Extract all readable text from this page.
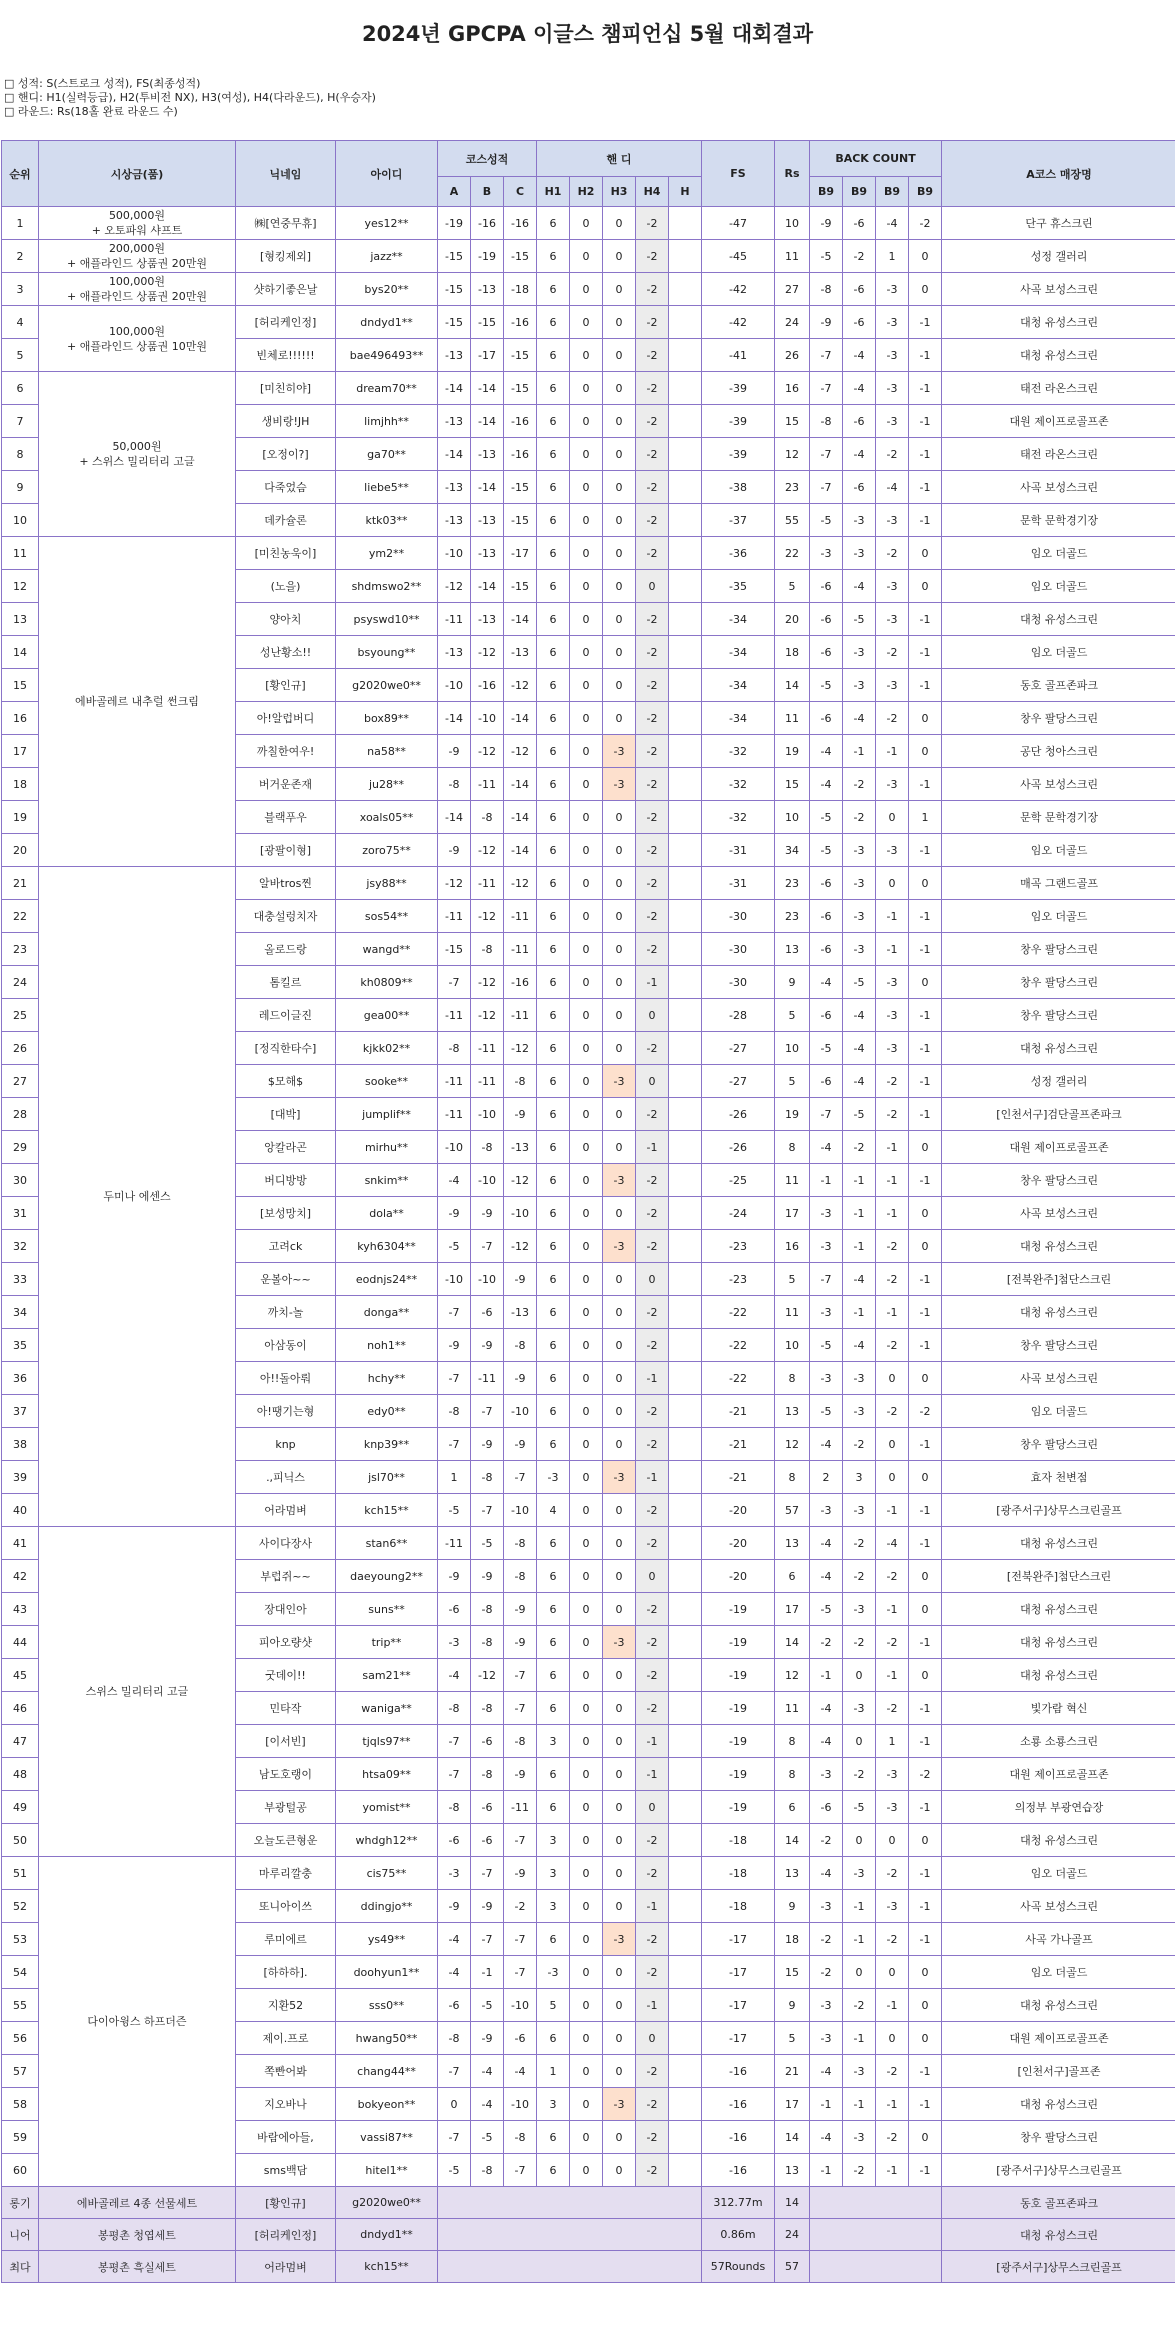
2024년 GPCPA 이글스 챔피언십 5월 대회결과
□ 성적: S(스트로크 성적), FS(최종성적)
□ 핸디: H1(실력등급), H2(투비전 NX), H3(여성), H4(다라운드), H(우승자)
□ 라운드: Rs(18홀 완료 라운드 수)
순위	시상금(품)	닉네임	아이디	코스성적			핸 디					FS	Rs	BACK COUNT				A코스 매장명
				A	B	C	H1	H2	H3	H4	H			B9	B9	B9	B9	
1	500,000원
+ 오토파워 샤프트	㈱[연중무휴]	yes12**	-19	-16	-16	6	0	0	-2		-47	10	-9	-6	-4	-2	단구 휴스크린
2	200,000원
+ 애플라인드 상품권 20만원	[형킹제외]	jazz**	-15	-19	-15	6	0	0	-2		-45	11	-5	-2	1	0	성정 갤러리
3	100,000원
+ 애플라인드 상품권 20만원	샷하기좋은날	bys20**	-15	-13	-18	6	0	0	-2		-42	27	-8	-6	-3	0	사곡 보성스크린
4	100,000원
+ 애플라인드 상품권 10만원	[허리케인정]	dndyd1**	-15	-15	-16	6	0	0	-2		-42	24	-9	-6	-3	-1	대청 유성스크린
5		빈체로!!!!!!	bae496493**	-13	-17	-15	6	0	0	-2		-41	26	-7	-4	-3	-1	대청 유성스크린
6	50,000원
+ 스위스 밀리터리 고글	[미친히야]	dream70**	-14	-14	-15	6	0	0	-2		-39	16	-7	-4	-3	-1	태전 라온스크린
7		생비랑!JH	limjhh**	-13	-14	-16	6	0	0	-2		-39	15	-8	-6	-3	-1	대원 제이프로골프존
8		[오정이?]	ga70**	-14	-13	-16	6	0	0	-2		-39	12	-7	-4	-2	-1	태전 라온스크린
9		다죽었슴	liebe5**	-13	-14	-15	6	0	0	-2		-38	23	-7	-6	-4	-1	사곡 보성스크린
10		데카슐론	ktk03**	-13	-13	-15	6	0	0	-2		-37	55	-5	-3	-3	-1	문학 문학경기장
11	에바골레르 내추럴 썬크림	[미친농욱이]	ym2**	-10	-13	-17	6	0	0	-2		-36	22	-3	-3	-2	0	임오 더골드
12		(노을)	shdmswo2**	-12	-14	-15	6	0	0	0		-35	5	-6	-4	-3	0	임오 더골드
13		양아치	psyswd10**	-11	-13	-14	6	0	0	-2		-34	20	-6	-5	-3	-1	대청 유성스크린
14		성난황소!!	bsyoung**	-13	-12	-13	6	0	0	-2		-34	18	-6	-3	-2	-1	임오 더골드
15		[황인규]	g2020we0**	-10	-16	-12	6	0	0	-2		-34	14	-5	-3	-3	-1	동호 골프존파크
16		아!알럽버디	box89**	-14	-10	-14	6	0	0	-2		-34	11	-6	-4	-2	0	창우 팔당스크린
17		까칠한여우!	na58**	-9	-12	-12	6	0	-3	-2		-32	19	-4	-1	-1	0	공단 청아스크린
18		버거운존재	ju28**	-8	-11	-14	6	0	-3	-2		-32	15	-4	-2	-3	-1	사곡 보성스크린
19		블랙푸우	xoals05**	-14	-8	-14	6	0	0	-2		-32	10	-5	-2	0	1	문학 문학경기장
20		[광팔이형]	zoro75**	-9	-12	-14	6	0	0	-2		-31	34	-5	-3	-3	-1	임오 더골드
21	두미나 에센스	알바tros찐	jsy88**	-12	-11	-12	6	0	0	-2		-31	23	-6	-3	0	0	매곡 그랜드골프
22		대충설렁치자	sos54**	-11	-12	-11	6	0	0	-2		-30	23	-6	-3	-1	-1	임오 더골드
23		올로드랑	wangd**	-15	-8	-11	6	0	0	-2		-30	13	-6	-3	-1	-1	창우 팔당스크린
24		톰킬르	kh0809**	-7	-12	-16	6	0	0	-1		-30	9	-4	-5	-3	0	창우 팔당스크린
25		레드이글진	gea00**	-11	-12	-11	6	0	0	0		-28	5	-6	-4	-3	-1	창우 팔당스크린
26		[정직한타수]	kjkk02**	-8	-11	-12	6	0	0	-2		-27	10	-5	-4	-3	-1	대청 유성스크린
27		$모해$	sooke**	-11	-11	-8	6	0	-3	0		-27	5	-6	-4	-2	-1	성정 갤러리
28		[대박]	jumplif**	-11	-10	-9	6	0	0	-2		-26	19	-7	-5	-2	-1	[인천서구]검단골프존파크
29		앙칼라곤	mirhu**	-10	-8	-13	6	0	0	-1		-26	8	-4	-2	-1	0	대원 제이프로골프존
30		버디방방	snkim**	-4	-10	-12	6	0	-3	-2		-25	11	-1	-1	-1	-1	창우 팔당스크린
31		[보성망치]	dola**	-9	-9	-10	6	0	0	-2		-24	17	-3	-1	-1	0	사곡 보성스크린
32		고려ck	kyh6304**	-5	-7	-12	6	0	-3	-2		-23	16	-3	-1	-2	0	대청 유성스크린
33		운볼아~~	eodnjs24**	-10	-10	-9	6	0	0	0		-23	5	-7	-4	-2	-1	[전북완주]첨단스크린
34		까치-놀	donga**	-7	-6	-13	6	0	0	-2		-22	11	-3	-1	-1	-1	대청 유성스크린
35		아삼동이	noh1**	-9	-9	-8	6	0	0	-2		-22	10	-5	-4	-2	-1	창우 팔당스크린
36		아!!돌아뤄	hchy**	-7	-11	-9	6	0	0	-1		-22	8	-3	-3	0	0	사곡 보성스크린
37		아!땡기는형	edy0**	-8	-7	-10	6	0	0	-2		-21	13	-5	-3	-2	-2	임오 더골드
38		knp	knp39**	-7	-9	-9	6	0	0	-2		-21	12	-4	-2	0	-1	창우 팔당스크린
39		.,피닉스	jsl70**	1	-8	-7	-3	0	-3	-1		-21	8	2	3	0	0	효자 천변점
40		어라멈벼	kch15**	-5	-7	-10	4	0	0	-2		-20	57	-3	-3	-1	-1	[광주서구]상무스크린골프
41	스위스 밀리터리 고글	사이다장사	stan6**	-11	-5	-8	6	0	0	-2		-20	13	-4	-2	-4	-1	대청 유성스크린
42		부럽쥐~~	daeyoung2**	-9	-9	-8	6	0	0	0		-20	6	-4	-2	-2	0	[전북완주]첨단스크린
43		장대인아	suns**	-6	-8	-9	6	0	0	-2		-19	17	-5	-3	-1	0	대청 유성스크린
44		피아오량샷	trip**	-3	-8	-9	6	0	-3	-2		-19	14	-2	-2	-2	-1	대청 유성스크린
45		굿데이!!	sam21**	-4	-12	-7	6	0	0	-2		-19	12	-1	0	-1	0	대청 유성스크린
46		민타작	waniga**	-8	-8	-7	6	0	0	-2		-19	11	-4	-3	-2	-1	빛가람 혁신
47		[이서빈]	tjqls97**	-7	-6	-8	3	0	0	-1		-19	8	-4	0	1	-1	소룡 소룡스크린
48		남도호랭이	htsa09**	-7	-8	-9	6	0	0	-1		-19	8	-3	-2	-3	-2	대원 제이프로골프존
49		부광털공	yomist**	-8	-6	-11	6	0	0	0		-19	6	-6	-5	-3	-1	의정부 부광연습장
50		오늘도큰형운	whdgh12**	-6	-6	-7	3	0	0	-2		-18	14	-2	0	0	0	대청 유성스크린
51	다이아윙스 하프더즌	마루리깔충	cis75**	-3	-7	-9	3	0	0	-2		-18	13	-4	-3	-2	-1	임오 더골드
52		또니아이쓰	ddingjo**	-9	-9	-2	3	0	0	-1		-18	9	-3	-1	-3	-1	사곡 보성스크린
53		루미에르	ys49**	-4	-7	-7	6	0	-3	-2		-17	18	-2	-1	-2	-1	사곡 가나골프
54		[하하하].	doohyun1**	-4	-1	-7	-3	0	0	-2		-17	15	-2	0	0	0	임오 더골드
55		지환52	sss0**	-6	-5	-10	5	0	0	-1		-17	9	-3	-2	-1	0	대청 유성스크린
56		제이.프로	hwang50**	-8	-9	-6	6	0	0	0		-17	5	-3	-1	0	0	대원 제이프로골프존
57		쪽빤어봐	chang44**	-7	-4	-4	1	0	0	-2		-16	21	-4	-3	-2	-1	[인천서구]골프존
58		지오바나	bokyeon**	0	-4	-10	3	0	-3	-2		-16	17	-1	-1	-1	-1	대청 유성스크린
59		바람에아들,	vassi87**	-7	-5	-8	6	0	0	-2		-16	14	-4	-3	-2	0	창우 팔당스크린
60		sms백담	hitel1**	-5	-8	-7	6	0	0	-2		-16	13	-1	-2	-1	-1	[광주서구]상무스크린골프
롱기	에바골레르 4종 선물세트	[황인규]	g2020we0**									312.77m	14					동호 골프존파크
니어	봉평촌 청엽세트	[허리케인정]	dndyd1**									0.86m	24					대청 유성스크린
최다	봉평촌 흑실세트	어라멈벼	kch15**									57Rounds	57					[광주서구]상무스크린골프
